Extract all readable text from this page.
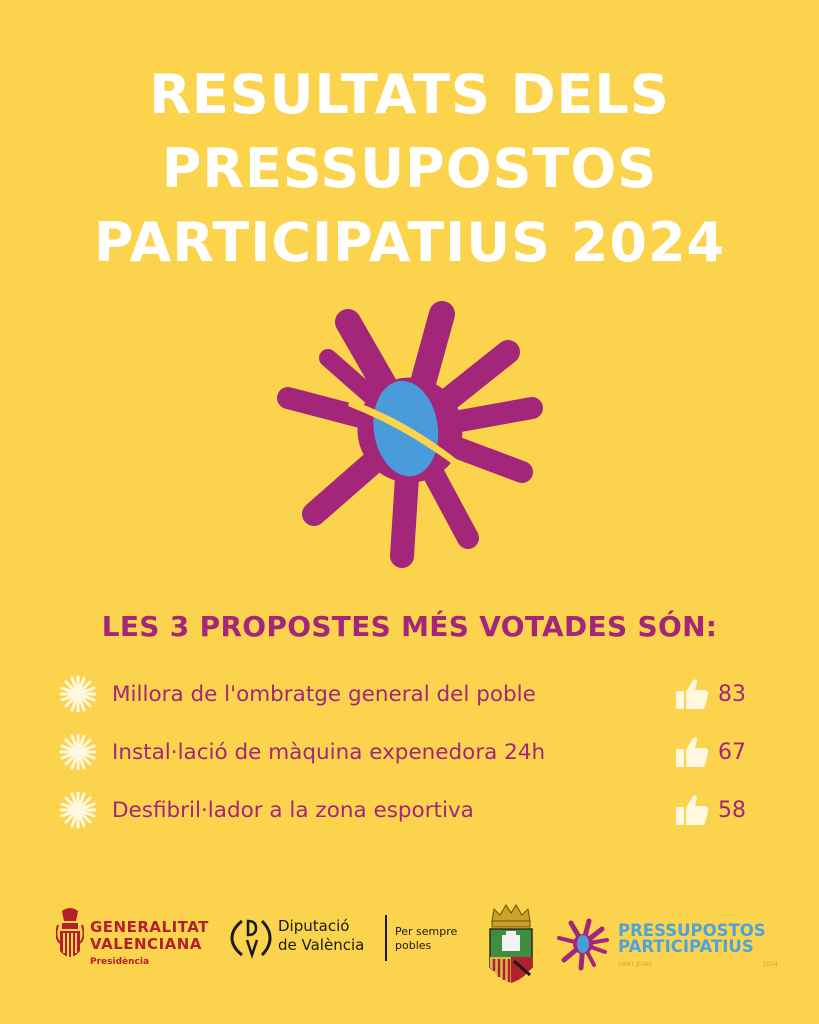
RESULTATS DELS
PRESSUPOSTOS
PARTICIPATIUS 2024
LES 3 PROPOSTES MÉS VOTADES SÓN:
Millora de l'ombratge general del poble	83
Instal·lació de màquina expenedora 24h	67
Desfibril·lador a la zona esportiva	58
GENERALITAT
VALENCIANA
Presidència
Diputació
de València
Per sempre
pobles
PRESSUPOSTOS
PARTICIPATIUS
SANT JOAN	2024
